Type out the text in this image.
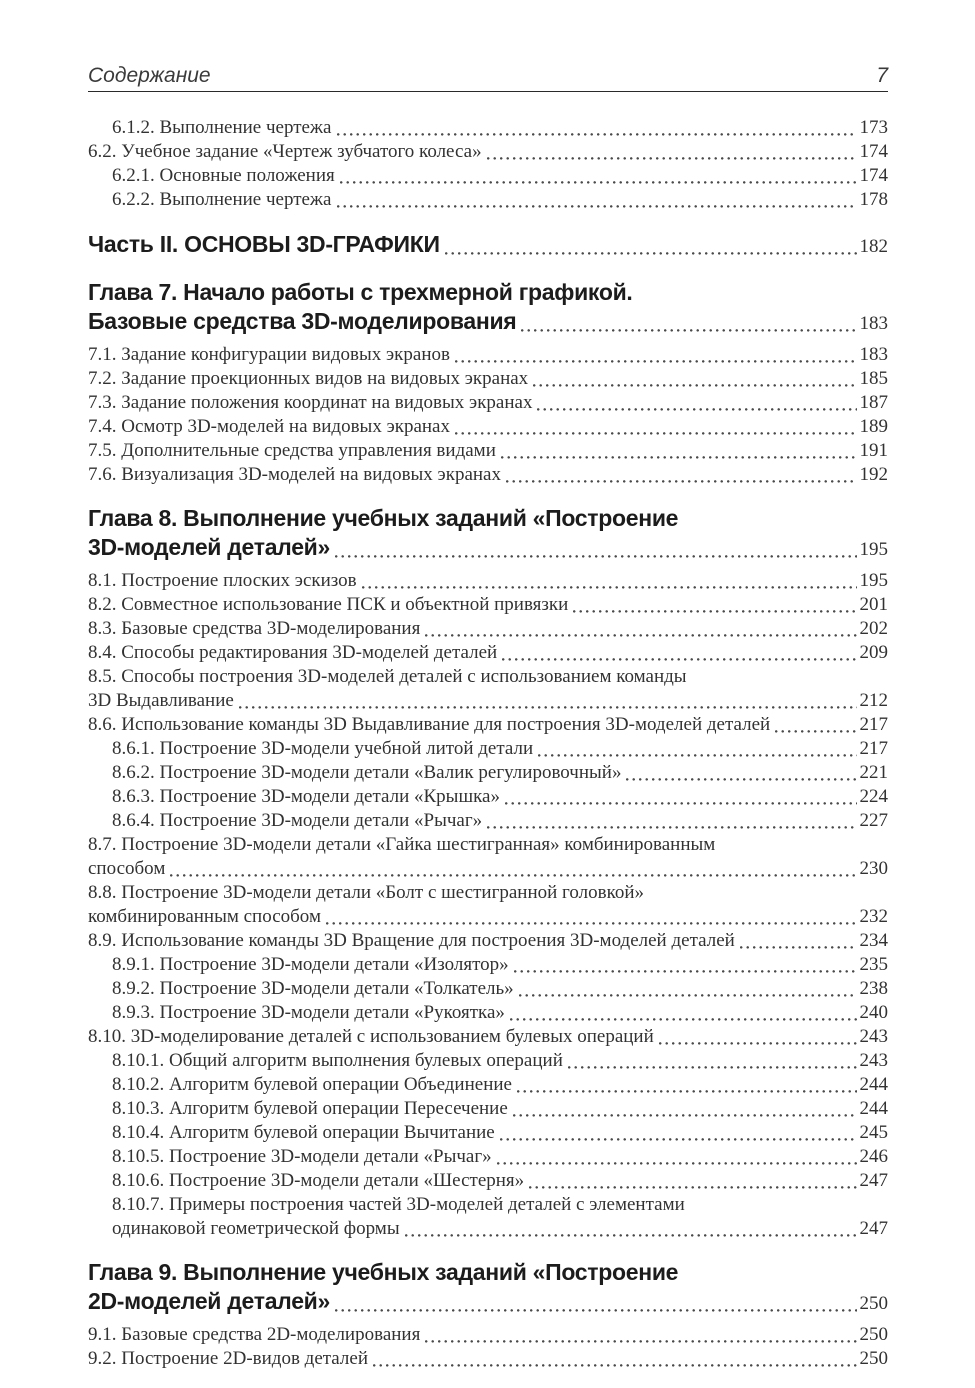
Содержание	7
6.1.2. Выполнение чертежа	173
6.2. Учебное задание «Чертеж зубчатого колеса»	174
6.2.1. Основные положения	174
6.2.2. Выполнение чертежа	178
Часть II. ОСНОВЫ 3D-ГРАФИКИ	182
Глава 7. Начало работы с трехмерной графикой.
Базовые средства 3D-моделирования	183
7.1. Задание конфигурации видовых экранов	183
7.2. Задание проекционных видов на видовых экранах	185
7.3. Задание положения координат на видовых экранах	187
7.4. Осмотр 3D-моделей на видовых экранах	189
7.5. Дополнительные средства управления видами	191
7.6. Визуализация 3D-моделей на видовых экранах	192
Глава 8. Выполнение учебных заданий «Построение
3D-моделей деталей»	195
8.1. Построение плоских эскизов	195
8.2. Совместное использование ПСК и объектной привязки	201
8.3. Базовые средства 3D-моделирования	202
8.4. Способы редактирования 3D-моделей деталей	209
8.5. Способы построения 3D-моделей деталей с использованием команды
3D Выдавливание	212
8.6. Использование команды 3D Выдавливание для построения 3D-моделей деталей	217
8.6.1. Построение 3D-модели учебной литой детали	217
8.6.2. Построение 3D-модели детали «Валик регулировочный»	221
8.6.3. Построение 3D-модели детали «Крышка»	224
8.6.4. Построение 3D-модели детали «Рычаг»	227
8.7. Построение 3D-модели детали «Гайка шестигранная» комбинированным
способом	230
8.8. Построение 3D-модели детали «Болт с шестигранной головкой»
комбинированным способом	232
8.9. Использование команды 3D Вращение для построения 3D-моделей деталей	234
8.9.1. Построение 3D-модели детали «Изолятор»	235
8.9.2. Построение 3D-модели детали «Толкатель»	238
8.9.3. Построение 3D-модели детали «Рукоятка»	240
8.10. 3D-моделирование деталей с использованием булевых операций	243
8.10.1. Общий алгоритм выполнения булевых операций	243
8.10.2. Алгоритм булевой операции Объединение	244
8.10.3. Алгоритм булевой операции Пересечение	244
8.10.4. Алгоритм булевой операции Вычитание	245
8.10.5. Построение 3D-модели детали «Рычаг»	246
8.10.6. Построение 3D-модели детали «Шестерня»	247
8.10.7. Примеры построения частей 3D-моделей деталей с элементами
одинаковой геометрической формы	247
Глава 9. Выполнение учебных заданий «Построение
2D-моделей деталей»	250
9.1. Базовые средства 2D-моделирования	250
9.2. Построение 2D-видов деталей	250
